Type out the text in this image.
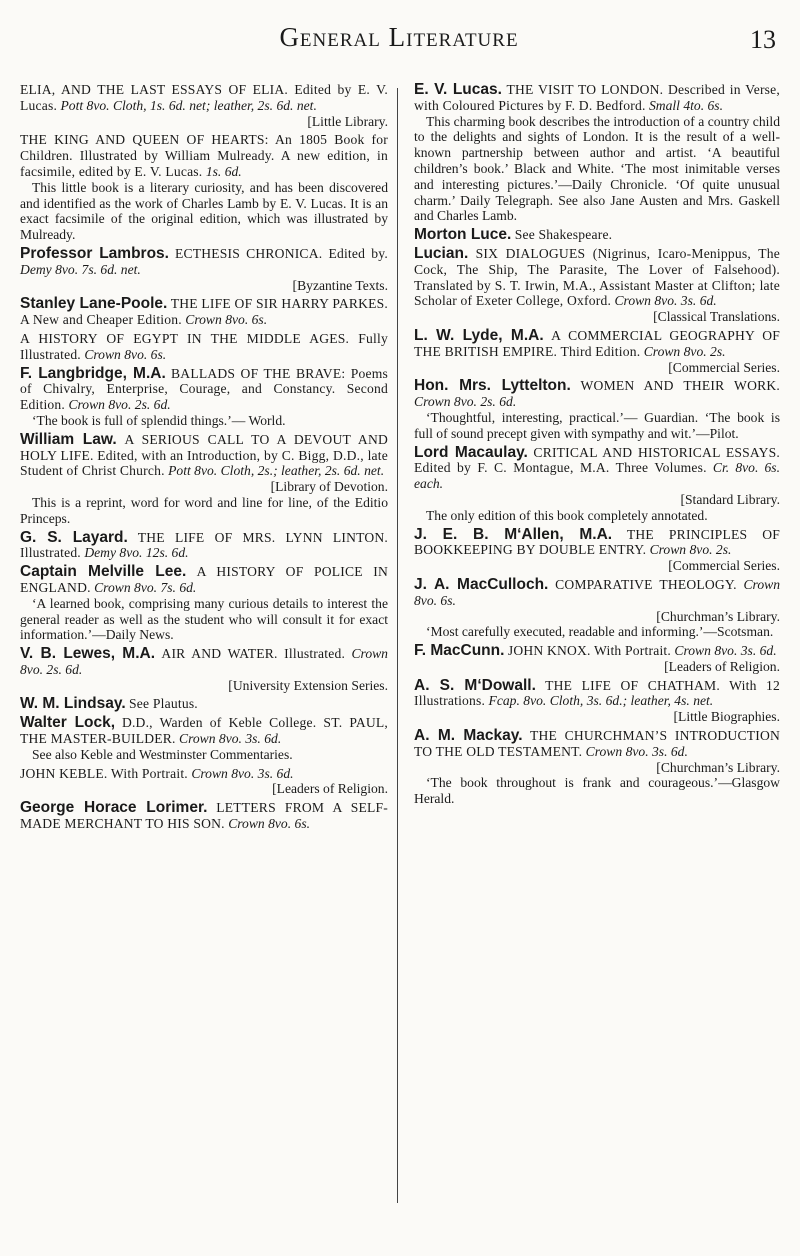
General Literature	13

ELIA, AND THE LAST ESSAYS OF ELIA. Edited by E. V. Lucas. Pott 8vo. Cloth, 1s. 6d. net; leather, 2s. 6d. net.

[Little Library.

THE KING AND QUEEN OF HEARTS: An 1805 Book for Children. Illustrated by William Mulready. A new edition, in facsimile, edited by E. V. Lucas. 1s. 6d.

This little book is a literary curiosity, and has been discovered and identified as the work of Charles Lamb by E. V. Lucas. It is an exact facsimile of the original edition, which was illustrated by Mulready.

Professor Lambros. ECTHESIS CHRONICA. Edited by. Demy 8vo. 7s. 6d. net.

[Byzantine Texts.

Stanley Lane-Poole. THE LIFE OF SIR HARRY PARKES. A New and Cheaper Edition. Crown 8vo. 6s.

A HISTORY OF EGYPT IN THE MIDDLE AGES. Fully Illustrated. Crown 8vo. 6s.

F. Langbridge, M.A. BALLADS OF THE BRAVE: Poems of Chivalry, Enterprise, Courage, and Constancy. Second Edition. Crown 8vo. 2s. 6d.

‘The book is full of splendid things.’— World.

William Law. A SERIOUS CALL TO A DEVOUT AND HOLY LIFE. Edited, with an Introduction, by C. Bigg, D.D., late Student of Christ Church. Pott 8vo. Cloth, 2s.; leather, 2s. 6d. net.

[Library of Devotion.

This is a reprint, word for word and line for line, of the Editio Princeps.

G. S. Layard. THE LIFE OF MRS. LYNN LINTON. Illustrated. Demy 8vo. 12s. 6d.

Captain Melville Lee. A HISTORY OF POLICE IN ENGLAND. Crown 8vo. 7s. 6d.

‘A learned book, comprising many curious details to interest the general reader as well as the student who will consult it for exact information.’—Daily News.

V. B. Lewes, M.A. AIR AND WATER. Illustrated. Crown 8vo. 2s. 6d.

[University Extension Series.

W. M. Lindsay. See Plautus.

Walter Lock, D.D., Warden of Keble College. ST. PAUL, THE MASTER-BUILDER. Crown 8vo. 3s. 6d.

See also Keble and Westminster Commentaries.

JOHN KEBLE. With Portrait. Crown 8vo. 3s. 6d.

[Leaders of Religion.

George Horace Lorimer. LETTERS FROM A SELF-MADE MERCHANT TO HIS SON. Crown 8vo. 6s.

E. V. Lucas. THE VISIT TO LONDON. Described in Verse, with Coloured Pictures by F. D. Bedford. Small 4to. 6s.

This charming book describes the introduction of a country child to the delights and sights of London. It is the result of a well-known partnership between author and artist. ‘A beautiful children’s book.’ Black and White. ‘The most inimitable verses and interesting pictures.’—Daily Chronicle. ‘Of quite unusual charm.’ Daily Telegraph. See also Jane Austen and Mrs. Gaskell and Charles Lamb.

Morton Luce. See Shakespeare.

Lucian. SIX DIALOGUES (Nigrinus, Icaro-Menippus, The Cock, The Ship, The Parasite, The Lover of Falsehood). Translated by S. T. Irwin, M.A., Assistant Master at Clifton; late Scholar of Exeter College, Oxford. Crown 8vo. 3s. 6d.

[Classical Translations.

L. W. Lyde, M.A. A COMMERCIAL GEOGRAPHY OF THE BRITISH EMPIRE. Third Edition. Crown 8vo. 2s.

[Commercial Series.

Hon. Mrs. Lyttelton. WOMEN AND THEIR WORK. Crown 8vo. 2s. 6d.

‘Thoughtful, interesting, practical.’— Guardian. ‘The book is full of sound precept given with sympathy and wit.’—Pilot.

Lord Macaulay. CRITICAL AND HISTORICAL ESSAYS. Edited by F. C. Montague, M.A. Three Volumes. Cr. 8vo. 6s. each.

[Standard Library.

The only edition of this book completely annotated.

J. E. B. M‘Allen, M.A. THE PRINCIPLES OF BOOKKEEPING BY DOUBLE ENTRY. Crown 8vo. 2s.

[Commercial Series.

J. A. MacCulloch. COMPARATIVE THEOLOGY. Crown 8vo. 6s.

[Churchman’s Library.

‘Most carefully executed, readable and informing.’—Scotsman.

F. MacCunn. JOHN KNOX. With Portrait. Crown 8vo. 3s. 6d.

[Leaders of Religion.

A. S. M‘Dowall. THE LIFE OF CHATHAM. With 12 Illustrations. Fcap. 8vo. Cloth, 3s. 6d.; leather, 4s. net.

[Little Biographies.

A. M. Mackay. THE CHURCHMAN’S INTRODUCTION TO THE OLD TESTAMENT. Crown 8vo. 3s. 6d.

[Churchman’s Library.

‘The book throughout is frank and courageous.’—Glasgow Herald.
